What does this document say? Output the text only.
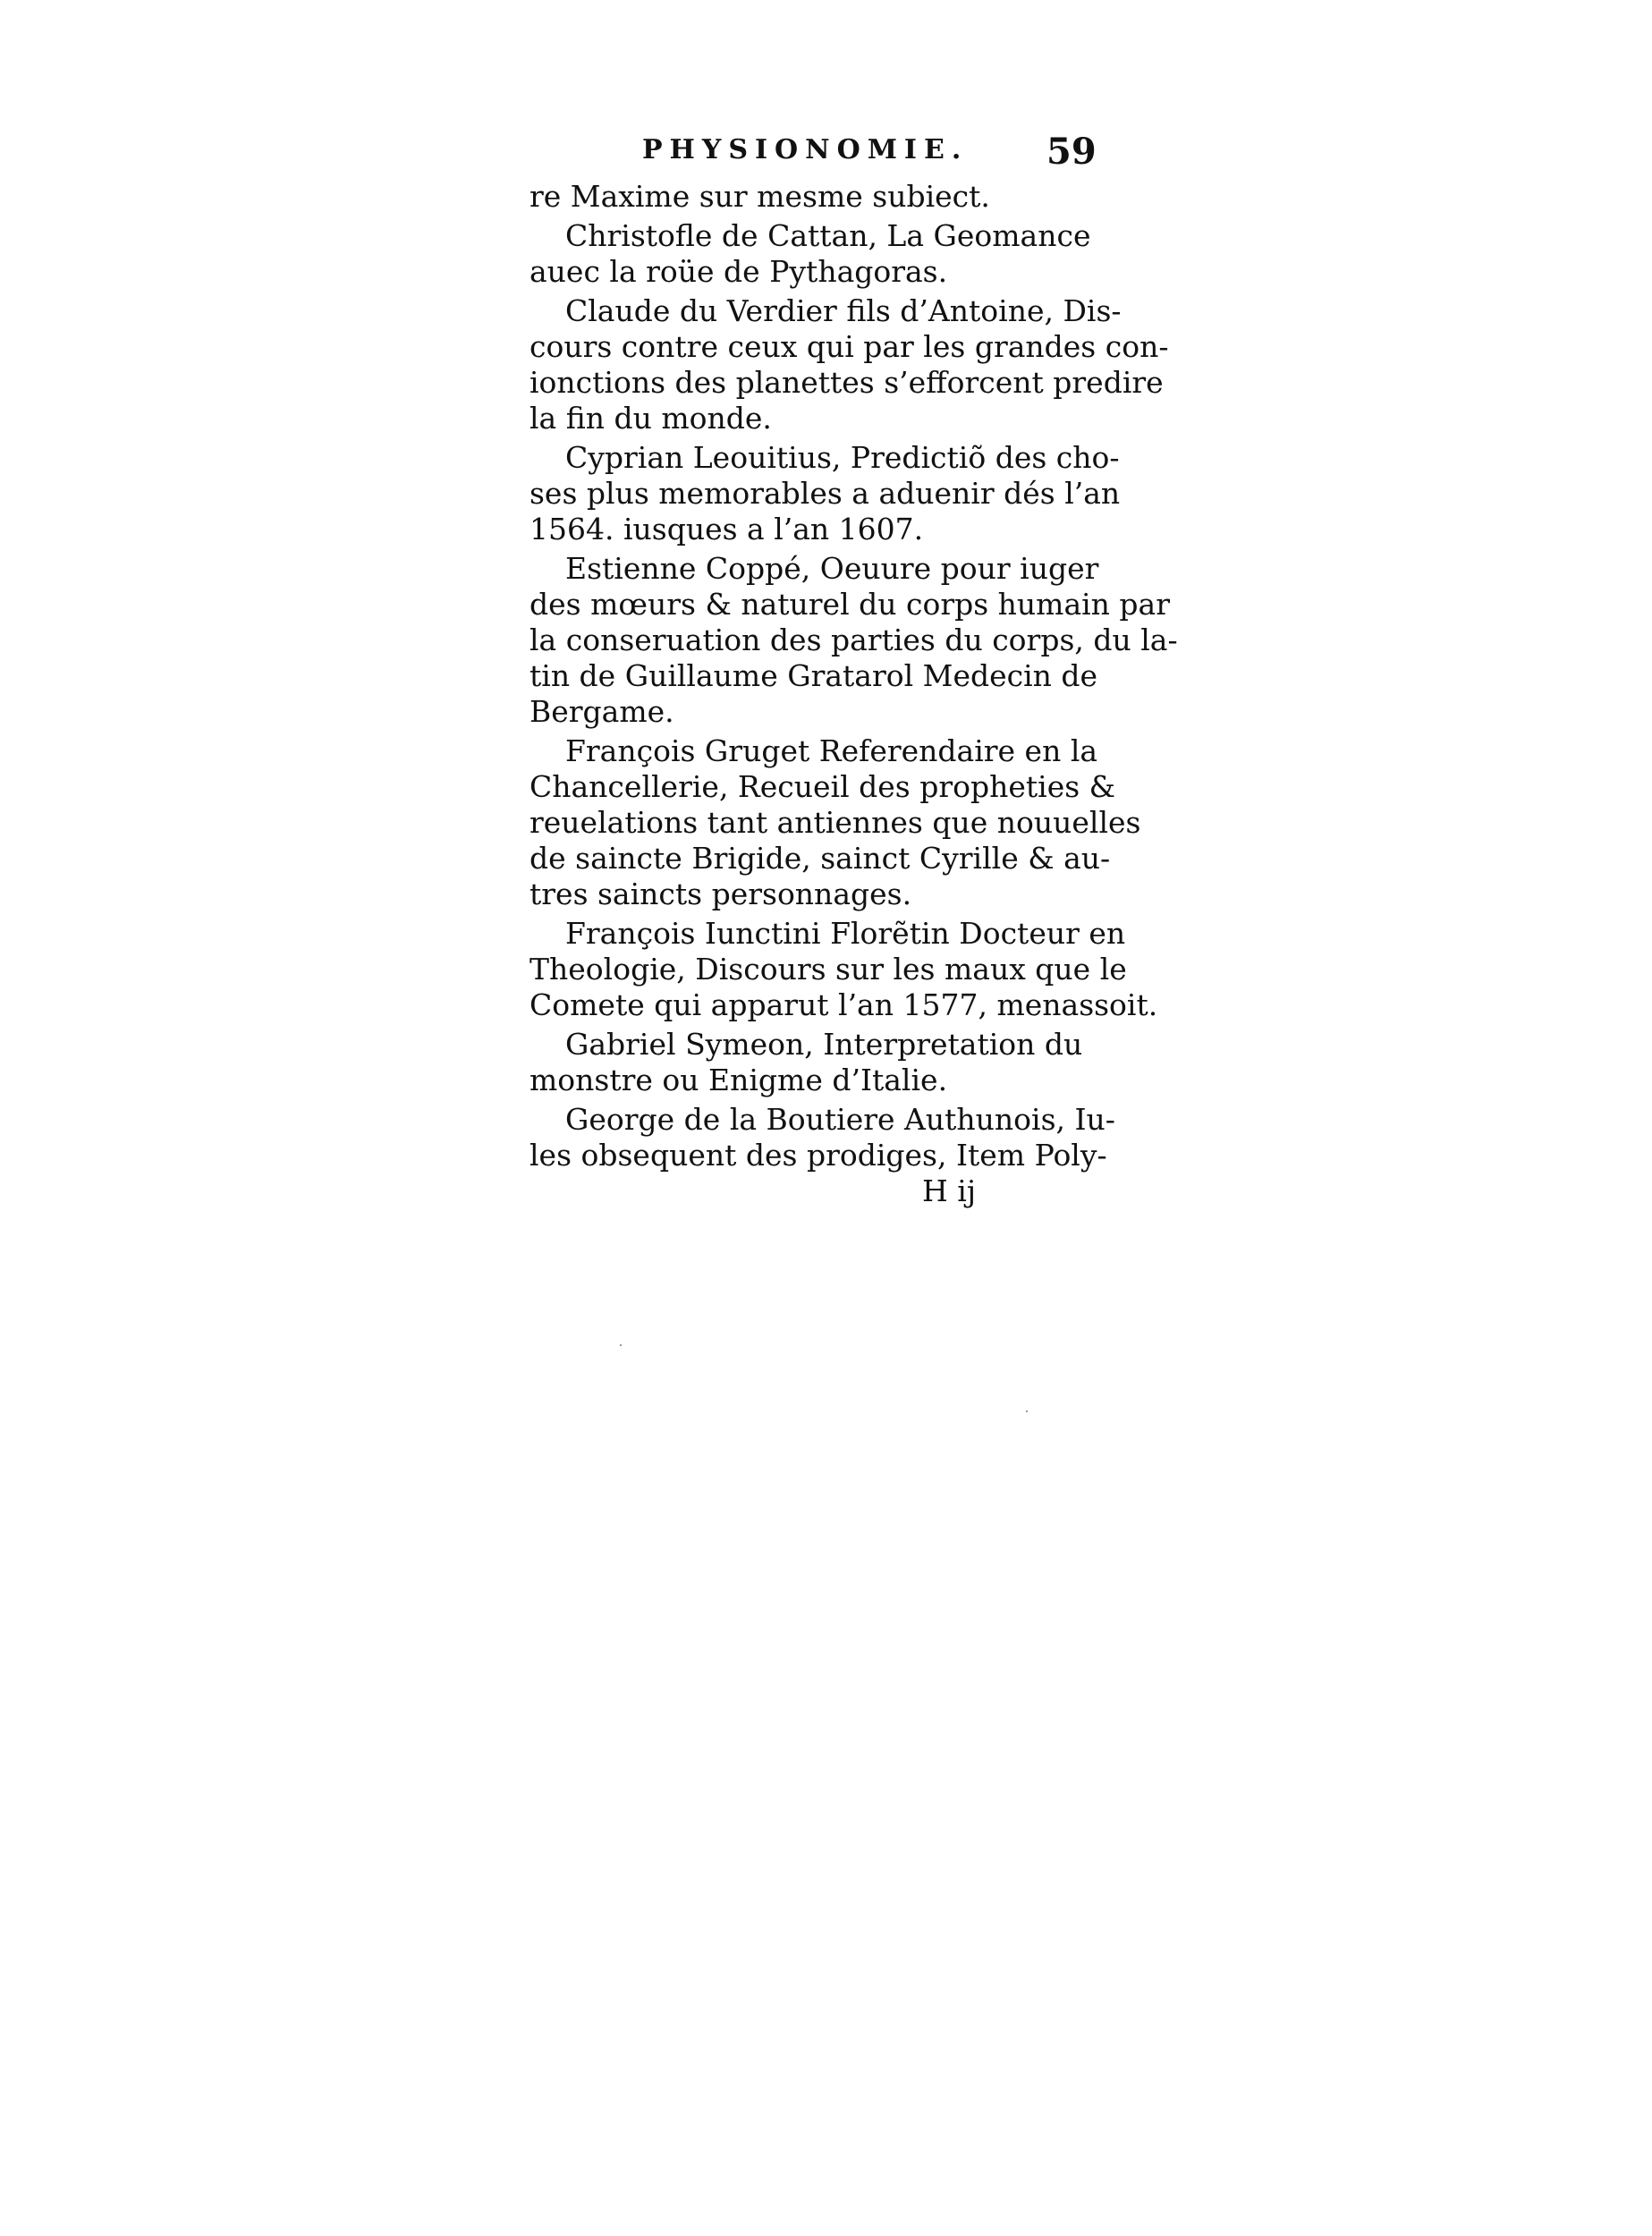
PHYSIONOMIE. 59
re Maxime sur mesme subiect.
Christofle de Cattan, La Geomance
auec la roüe de Pythagoras.
Claude du Verdier fils d’Antoine, Dis-
cours contre ceux qui par les grandes con-
ionctions des planettes s’efforcent predire
la fin du monde.
Cyprian Leouitius, Predictiõ des cho-
ses plus memorables a aduenir dés l’an
1564. iusques a l’an 1607.
Estienne Coppé, Oeuure pour iuger
des mœurs & naturel du corps humain par
la conseruation des parties du corps, du la-
tin de Guillaume Gratarol Medecin de
Bergame.
François Gruget Referendaire en la
Chancellerie, Recueil des propheties &
reuelations tant antiennes que nouuelles
de saincte Brigide, sainct Cyrille & au-
tres saincts personnages.
François Iunctini Florẽtin Docteur en
Theologie, Discours sur les maux que le
Comete qui apparut l’an 1577, menassoit.
Gabriel Symeon, Interpretation du
monstre ou Enigme d’Italie.
George de la Boutiere Authunois, Iu-
les obsequent des prodiges, Item Poly-
H ij
